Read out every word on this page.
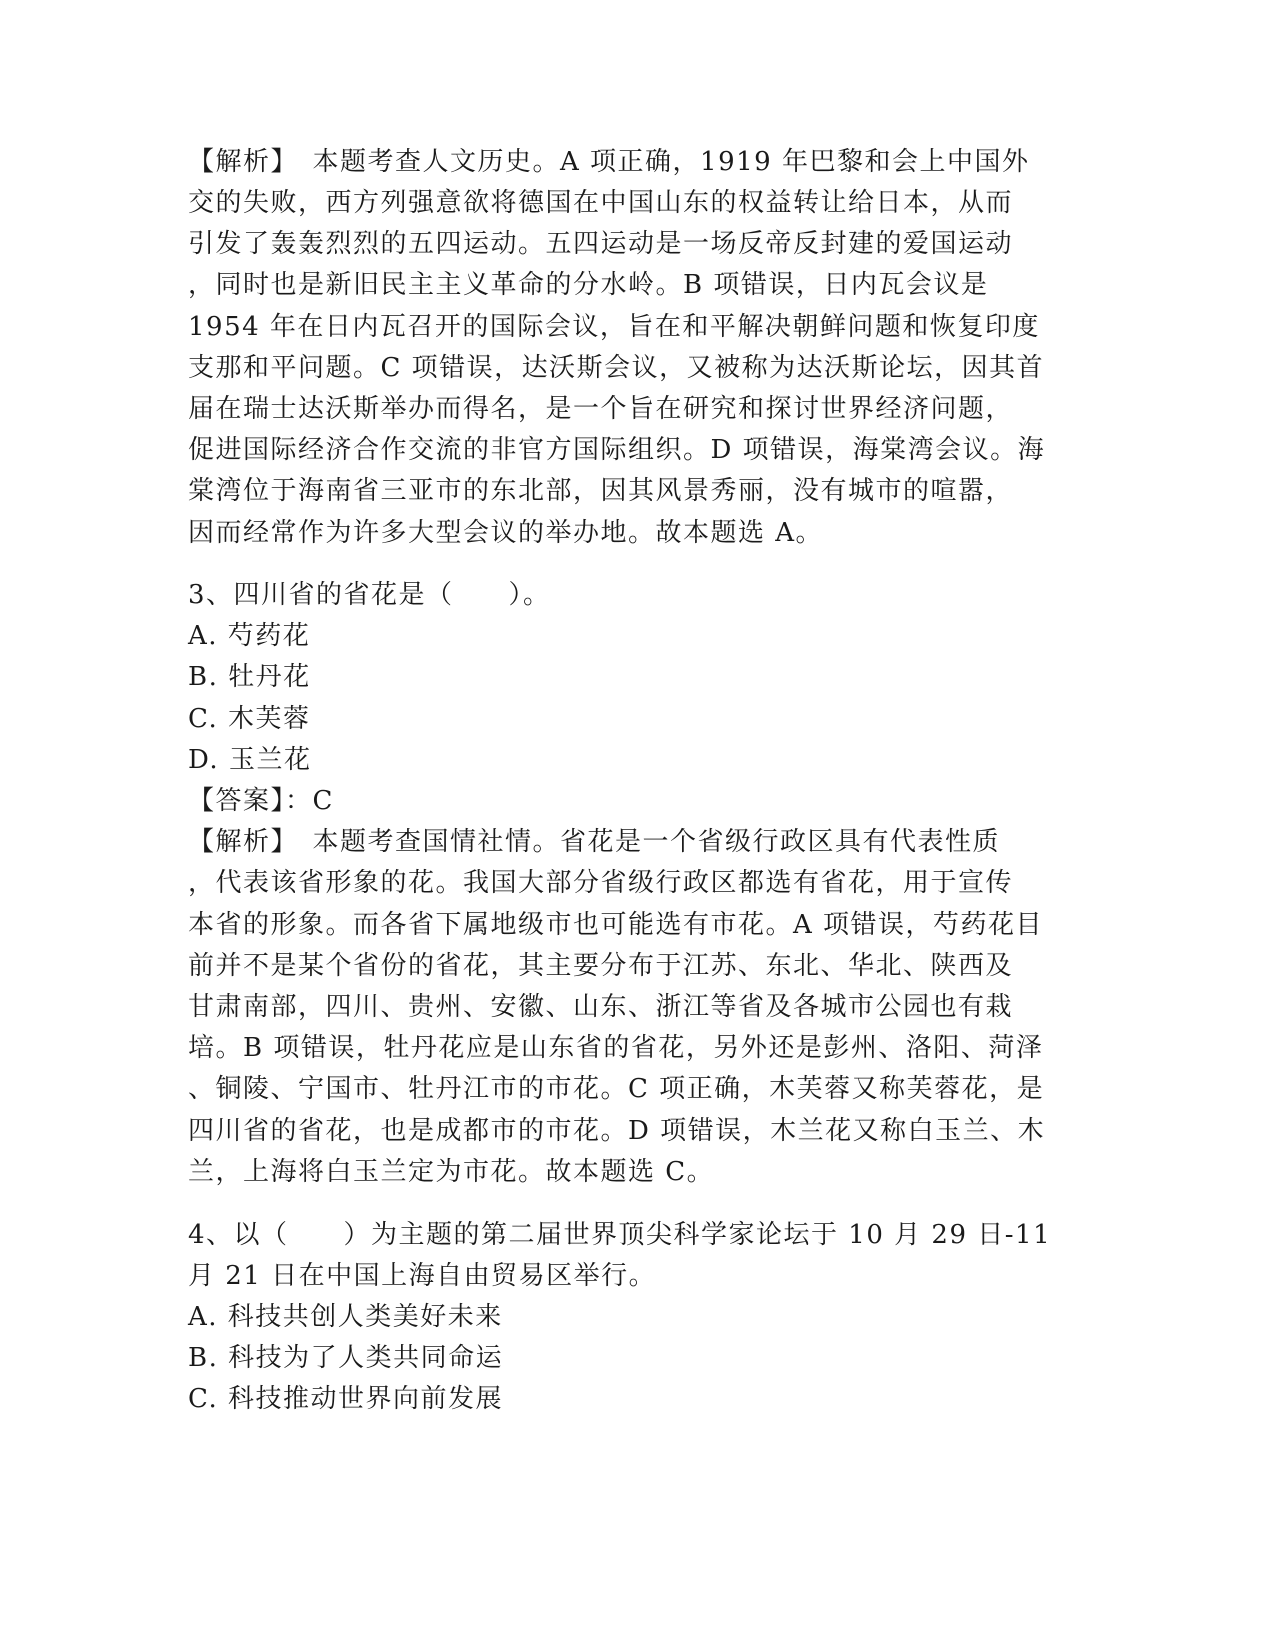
【解析】　本题考查人文历史。A 项正确，1919 年巴黎和会上中国外
交的失败，西方列强意欲将德国在中国山东的权益转让给日本，从而
引发了轰轰烈烈的五四运动。五四运动是一场反帝反封建的爱国运动
，同时也是新旧民主主义革命的分水岭。B 项错误，日内瓦会议是
1954 年在日内瓦召开的国际会议，旨在和平解决朝鲜问题和恢复印度
支那和平问题。C 项错误，达沃斯会议，又被称为达沃斯论坛，因其首
届在瑞士达沃斯举办而得名，是一个旨在研究和探讨世界经济问题，
促进国际经济合作交流的非官方国际组织。D 项错误，海棠湾会议。海
棠湾位于海南省三亚市的东北部，因其风景秀丽，没有城市的喧嚣，
因而经常作为许多大型会议的举办地。故本题选 A。
3、四川省的省花是（　　）。
A. 芍药花
B. 牡丹花
C. 木芙蓉
D. 玉兰花
【答案】：C
【解析】　本题考查国情社情。省花是一个省级行政区具有代表性质
，代表该省形象的花。我国大部分省级行政区都选有省花，用于宣传
本省的形象。而各省下属地级市也可能选有市花。A 项错误，芍药花目
前并不是某个省份的省花，其主要分布于江苏、东北、华北、陕西及
甘肃南部，四川、贵州、安徽、山东、浙江等省及各城市公园也有栽
培。B 项错误，牡丹花应是山东省的省花，另外还是彭州、洛阳、菏泽
、铜陵、宁国市、牡丹江市的市花。C 项正确，木芙蓉又称芙蓉花，是
四川省的省花，也是成都市的市花。D 项错误，木兰花又称白玉兰、木
兰，上海将白玉兰定为市花。故本题选 C。
4、以（　　）为主题的第二届世界顶尖科学家论坛于 10 月 29 日-11
月 21 日在中国上海自由贸易区举行。
A. 科技共创人类美好未来
B. 科技为了人类共同命运
C. 科技推动世界向前发展
